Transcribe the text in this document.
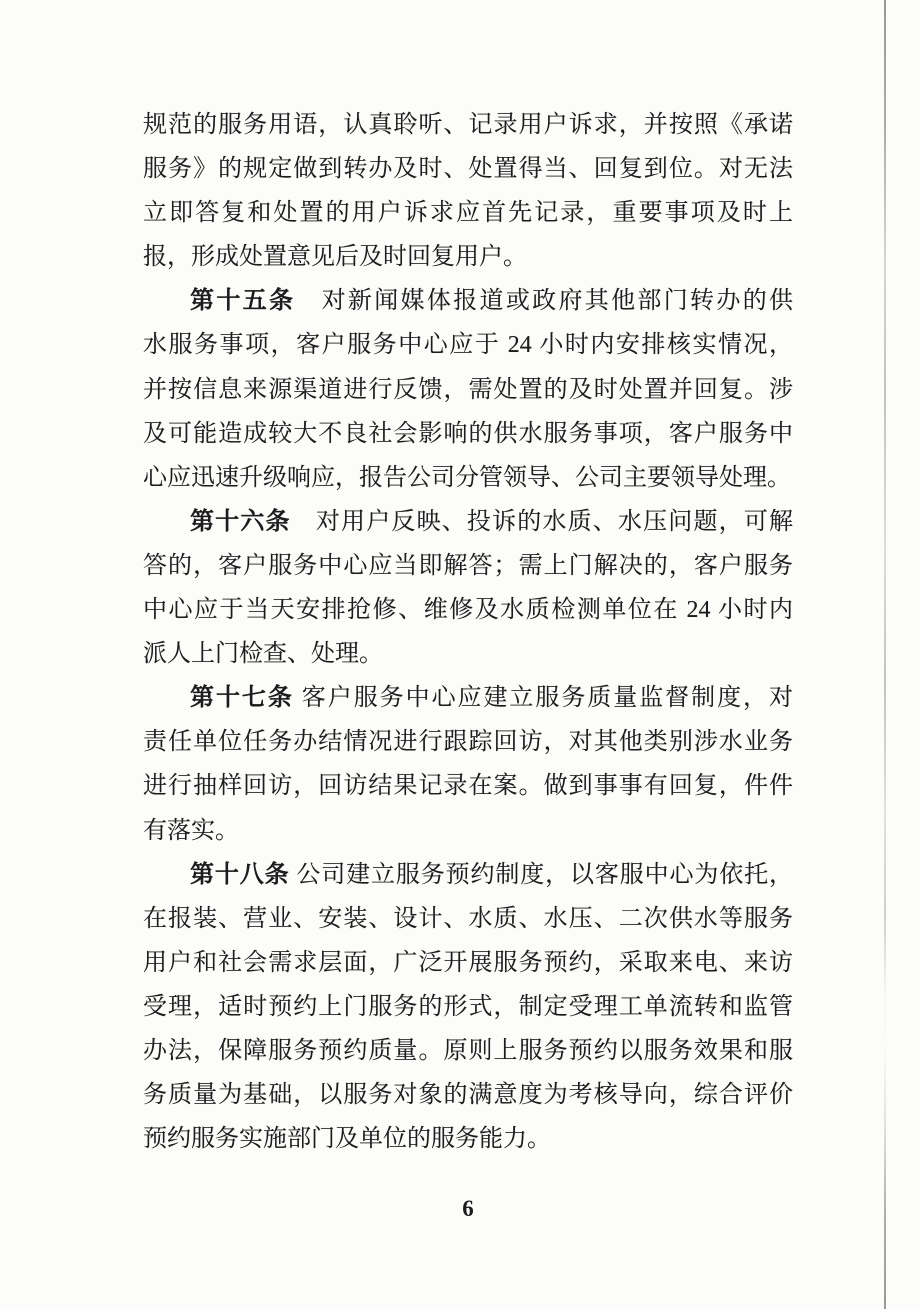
规范的服务用语，认真聆听、记录用户诉求，并按照《承诺
服务》的规定做到转办及时、处置得当、回复到位。对无法
立即答复和处置的用户诉求应首先记录，重要事项及时上
报，形成处置意见后及时回复用户。
第十五条　对新闻媒体报道或政府其他部门转办的供
水服务事项，客户服务中心应于 24 小时内安排核实情况，
并按信息来源渠道进行反馈，需处置的及时处置并回复。涉
及可能造成较大不良社会影响的供水服务事项，客户服务中
心应迅速升级响应，报告公司分管领导、公司主要领导处理。
第十六条　对用户反映、投诉的水质、水压问题，可解
答的，客户服务中心应当即解答；需上门解决的，客户服务
中心应于当天安排抢修、维修及水质检测单位在 24 小时内
派人上门检查、处理。
第十七条 客户服务中心应建立服务质量监督制度，对
责任单位任务办结情况进行跟踪回访，对其他类别涉水业务
进行抽样回访，回访结果记录在案。做到事事有回复，件件
有落实。
第十八条 公司建立服务预约制度，以客服中心为依托，
在报装、营业、安装、设计、水质、水压、二次供水等服务
用户和社会需求层面，广泛开展服务预约，采取来电、来访
受理，适时预约上门服务的形式，制定受理工单流转和监管
办法，保障服务预约质量。原则上服务预约以服务效果和服
务质量为基础，以服务对象的满意度为考核导向，综合评价
预约服务实施部门及单位的服务能力。
6
